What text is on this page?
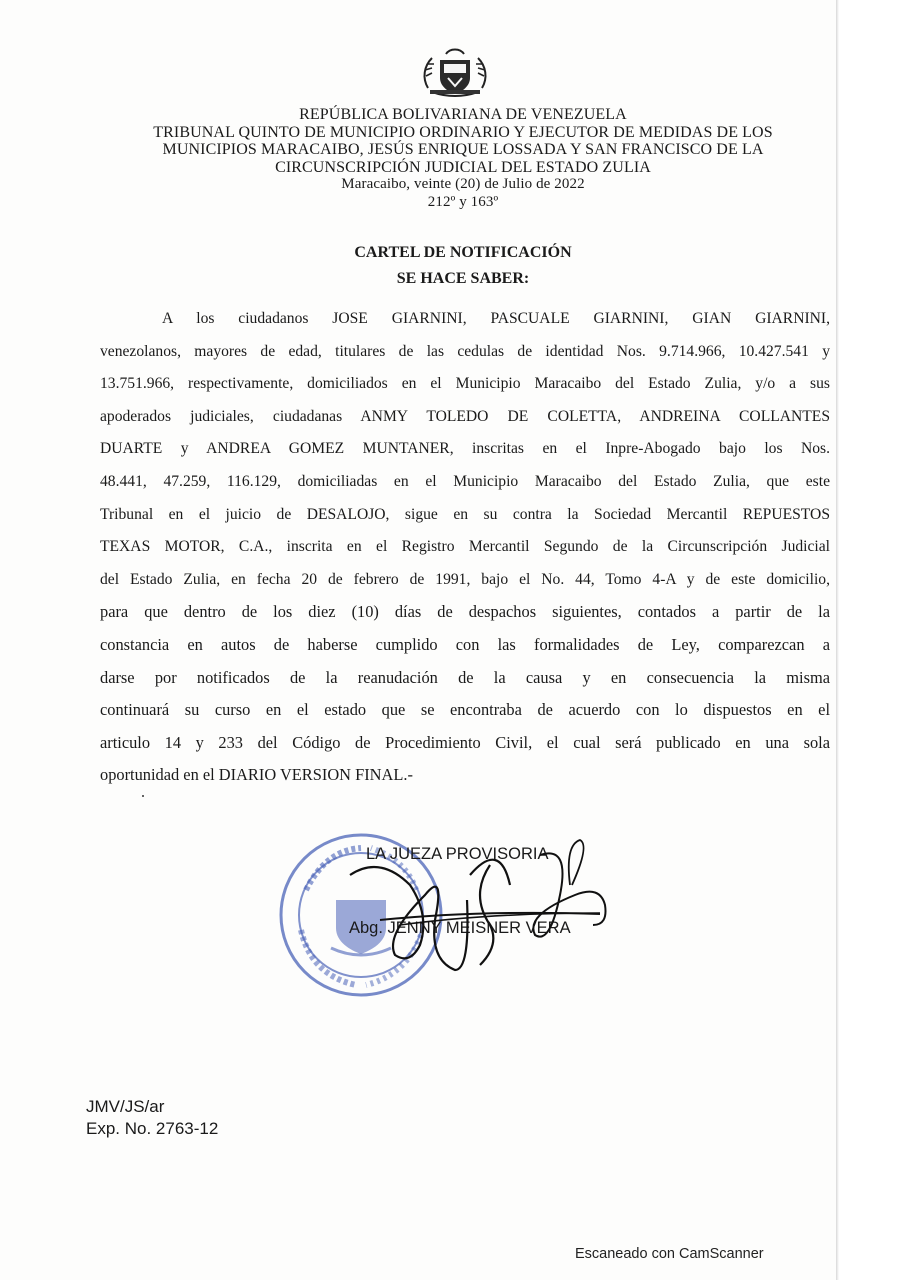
REPÚBLICA BOLIVARIANA DE VENEZUELA
TRIBUNAL QUINTO DE MUNICIPIO ORDINARIO Y EJECUTOR DE MEDIDAS DE LOS
MUNICIPIOS MARACAIBO, JESÚS ENRIQUE LOSSADA Y SAN FRANCISCO DE LA
CIRCUNSCRIPCIÓN JUDICIAL DEL ESTADO ZULIA
Maracaibo, veinte (20) de Julio de 2022
212º y 163º
CARTEL DE NOTIFICACIÓN
SE HACE SABER:
A los ciudadanos JOSE GIARNINI, PASCUALE GIARNINI, GIAN GIARNINI,
venezolanos, mayores de edad, titulares de las cedulas de identidad Nos. 9.714.966, 10.427.541 y
13.751.966, respectivamente, domiciliados en el Municipio Maracaibo del Estado Zulia, y/o a sus
apoderados judiciales, ciudadanas ANMY TOLEDO DE COLETTA, ANDREINA COLLANTES
DUARTE y ANDREA GOMEZ MUNTANER, inscritas en el Inpre-Abogado bajo los Nos.
48.441, 47.259, 116.129, domiciliadas en el Municipio Maracaibo del Estado Zulia, que este
Tribunal en el juicio de DESALOJO, sigue en su contra la Sociedad Mercantil REPUESTOS
TEXAS MOTOR, C.A., inscrita en el Registro Mercantil Segundo de la Circunscripción Judicial
del Estado Zulia, en fecha 20 de febrero de 1991, bajo el No. 44, Tomo 4-A y de este domicilio,
para que dentro de los diez (10) días de despachos siguientes, contados a partir de la
constancia en autos de haberse cumplido con las formalidades de Ley, comparezcan a
darse por notificados de la reanudación de la causa y en consecuencia la misma
continuará su curso en el estado que se encontraba de acuerdo con lo dispuestos en el
articulo 14 y 233 del Código de Procedimiento Civil, el cual será publicado en una sola
oportunidad en el DIARIO VERSION FINAL.-
LA JUEZA PROVISORIA
Abg. JENNY MEISNER VERA
JMV/JS/ar
Exp. No. 2763-12
Escaneado con CamScanner
